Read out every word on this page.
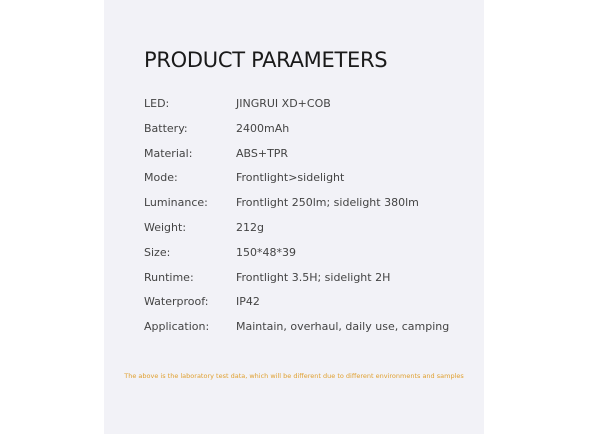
PRODUCT PARAMETERS
LED:	JINGRUI XD+COB
Battery:	2400mAh
Material:	ABS+TPR
Mode:	Frontlight>sidelight
Luminance:	Frontlight 250lm; sidelight 380lm
Weight:	212g
Size:	150*48*39
Runtime:	Frontlight 3.5H; sidelight 2H
Waterproof:	IP42
Application: Maintain, overhaul, daily use, camping
The above is the laboratory test data, which will be different due to different environments and samples
